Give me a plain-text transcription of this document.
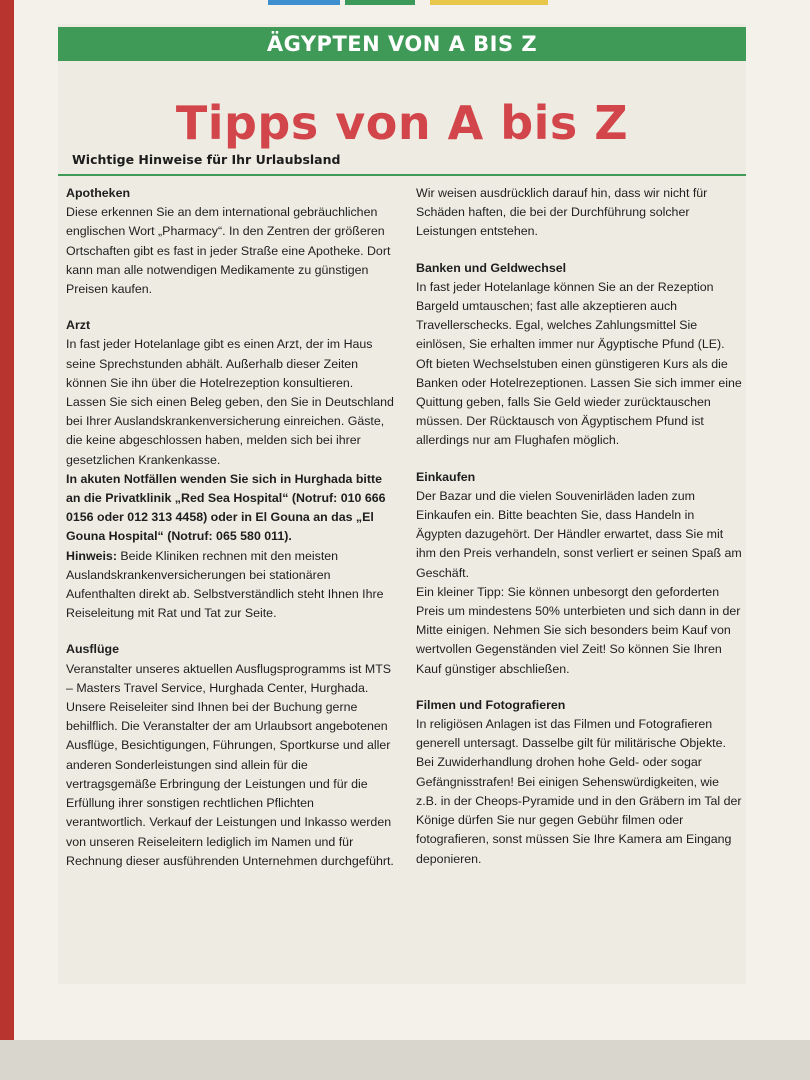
ÄGYPTEN VON A BIS Z
Tipps von A bis Z
Wichtige Hinweise für Ihr Urlaubsland

Apotheken

Diese erkennen Sie an dem international gebräuchlichen englischen Wort „Pharmacy“. In den Zentren der größeren Ortschaften gibt es fast in jeder Straße eine Apotheke. Dort kann man alle notwendigen Medikamente zu günstigen Preisen kaufen.

Arzt

In fast jeder Hotelanlage gibt es einen Arzt, der im Haus seine Sprechstunden abhält. Außerhalb dieser Zeiten können Sie ihn über die Hotelrezeption konsultieren. Lassen Sie sich einen Beleg geben, den Sie in Deutschland bei Ihrer Auslandskrankenversicherung einreichen. Gäste, die keine abgeschlossen haben, melden sich bei ihrer gesetzlichen Krankenkasse.

In akuten Notfällen wenden Sie sich in Hurghada bitte an die Privatklinik „Red Sea Hospital“ (Notruf: 010 666 0156 oder 012 313 4458) oder in El Gouna an das „El Gouna Hospital“ (Notruf: 065 580 011).

Hinweis: Beide Kliniken rechnen mit den meisten Auslandskrankenversicherungen bei stationären Aufenthalten direkt ab. Selbstverständlich steht Ihnen Ihre Reiseleitung mit Rat und Tat zur Seite.

Ausflüge

Veranstalter unseres aktuellen Ausflugsprogramms ist MTS – Masters Travel Service, Hurghada Center, Hurghada. Unsere Reiseleiter sind Ihnen bei der Buchung gerne behilflich. Die Veranstalter der am Urlaubsort angebotenen Ausflüge, Besichtigungen, Führungen, Sportkurse und aller anderen Sonderleistungen sind allein für die vertragsgemäße Erbringung der Leistungen und für die Erfüllung ihrer sonstigen rechtlichen Pflichten verantwortlich. Verkauf der Leistungen und Inkasso werden von unseren Reiseleitern lediglich im Namen und für Rechnung dieser ausführenden Unternehmen durchgeführt.

Wir weisen ausdrücklich darauf hin, dass wir nicht für Schäden haften, die bei der Durchführung solcher Leistungen entstehen.

Banken und Geldwechsel

In fast jeder Hotelanlage können Sie an der Rezeption Bargeld umtauschen; fast alle akzeptieren auch Travellerschecks. Egal, welches Zahlungsmittel Sie einlösen, Sie erhalten immer nur Ägyptische Pfund (LE). Oft bieten Wechselstuben einen günstigeren Kurs als die Banken oder Hotelrezeptionen. Lassen Sie sich immer eine Quittung geben, falls Sie Geld wieder zurücktauschen müssen. Der Rücktausch von Ägyptischem Pfund ist allerdings nur am Flughafen möglich.

Einkaufen

Der Bazar und die vielen Souvenirläden laden zum Einkaufen ein. Bitte beachten Sie, dass Handeln in Ägypten dazugehört. Der Händler erwartet, dass Sie mit ihm den Preis verhandeln, sonst verliert er seinen Spaß am Geschäft.

Ein kleiner Tipp: Sie können unbesorgt den geforderten Preis um mindestens 50% unterbieten und sich dann in der Mitte einigen. Nehmen Sie sich besonders beim Kauf von wertvollen Gegenständen viel Zeit! So können Sie Ihren Kauf günstiger abschließen.

Filmen und Fotografieren

In religiösen Anlagen ist das Filmen und Fotografieren generell untersagt. Dasselbe gilt für militärische Objekte. Bei Zuwiderhandlung drohen hohe Geld- oder sogar Gefängnisstrafen! Bei einigen Sehenswürdigkeiten, wie z.B. in der Cheops-Pyramide und in den Gräbern im Tal der Könige dürfen Sie nur gegen Gebühr filmen oder fotografieren, sonst müssen Sie Ihre Kamera am Eingang deponieren.
